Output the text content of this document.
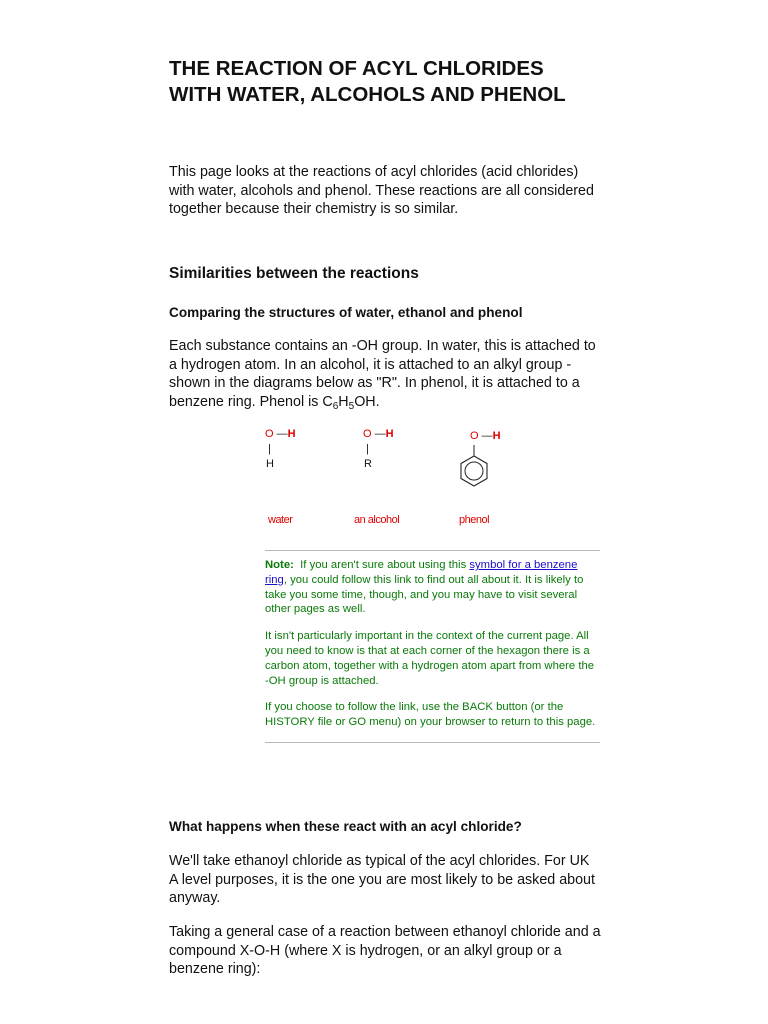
THE REACTION OF ACYL CHLORIDES
WITH WATER, ALCOHOLS AND PHENOL

This page looks at the reactions of acyl chlorides (acid chlorides) with water, alcohols and phenol. These reactions are all considered together because their chemistry is so similar.

Similarities between the reactions
Comparing the structures of water, ethanol and phenol

Each substance contains an -OH group. In water, this is attached to a hydrogen atom. In an alcohol, it is attached to an alkyl group - shown in the diagrams below as "R". In phenol, it is attached to a benzene ring. Phenol is $C_6H_5OH$.

O —H
|
H
water
O —H
|
R
an alcohol
O —H
phenol

Note: If you aren't sure about using this symbol for a benzene ring, you could follow this link to find out all about it. It is likely to take you some time, though, and you may have to visit several other pages as well.

It isn't particularly important in the context of the current page. All you need to know is that at each corner of the hexagon there is a carbon atom, together with a hydrogen atom apart from where the -OH group is attached.

If you choose to follow the link, use the BACK button (or the HISTORY file or GO menu) on your browser to return to this page.

What happens when these react with an acyl chloride?

We'll take ethanoyl chloride as typical of the acyl chlorides. For UK A level purposes, it is the one you are most likely to be asked about anyway.

Taking a general case of a reaction between ethanoyl chloride and a compound X-O-H (where X is hydrogen, or an alkyl group or a benzene ring):
